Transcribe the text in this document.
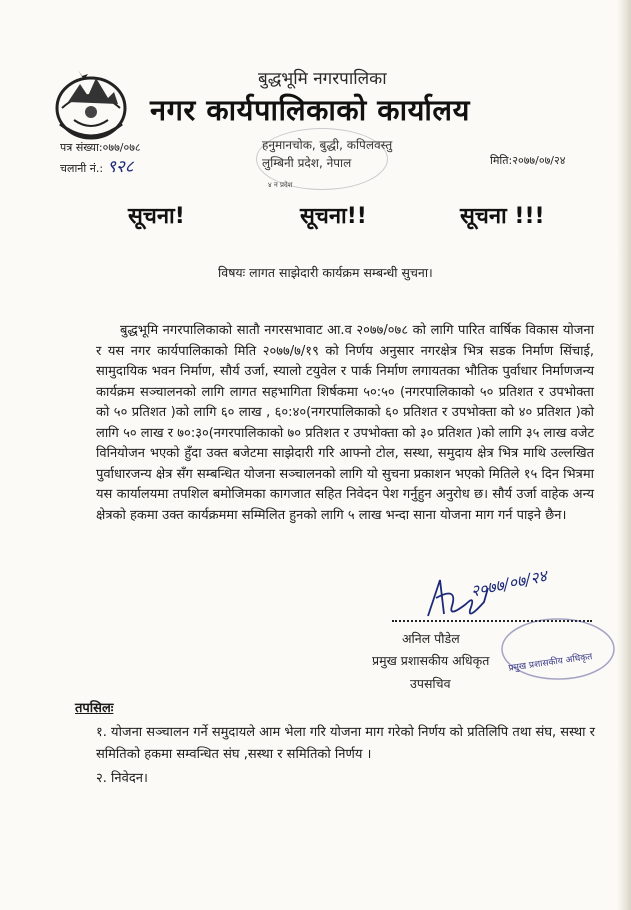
बुद्धभूमि नगरपालिका
नगर कार्यपालिकाको कार्यालय
हनुमानचोक, बुद्धी, कपिलवस्तु
लुम्बिनी प्रदेश, नेपाल
४ न प्रदेश
पत्र संख्या:०७७/०७८
चलानी नं.: ९२८	मिति:२०७७/०७/२४
सूचना!	सूचना!!	सूचना !!!
विषयः लागत साझेदारी कार्यक्रम सम्बन्धी सुचना।
बुद्धभूमि नगरपालिकाको सातौ नगरसभावाट आ.व २०७७/०७८ को लागि पारित वार्षिक विकास योजना र यस नगर कार्यपालिकाको मिति २०७७/७/१९ को निर्णय अनुसार नगरक्षेत्र भित्र सडक निर्माण सिंचाई, सामुदायिक भवन निर्माण, सौर्य उर्जा, स्यालो टयुवेल र पार्क निर्माण लगायतका भौतिक पुर्वाधार निर्माणजन्य कार्यक्रम सञ्चालनको लागि लागत सहभागिता शिर्षकमा ५०:५० (नगरपालिकाको ५० प्रतिशत र उपभोक्ता को ५० प्रतिशत )को लागि ६० लाख , ६०:४०(नगरपालिकाको ६० प्रतिशत र उपभोक्ता को ४० प्रतिशत )को लागि ५० लाख र ७०:३०(नगरपालिकाको ७० प्रतिशत र उपभोक्ता को ३० प्रतिशत )को लागि ३५ लाख वजेट विनियोजन भएको हुँदा उक्त बजेटमा साझेदारी गरि आफ्नो टोल, सस्था, समुदाय क्षेत्र भित्र माथि उल्लखित पुर्वाधारजन्य क्षेत्र सँग सम्बन्धित योजना सञ्चालनको लागि यो सुचना प्रकाशन भएको मितिले १५ दिन भित्रमा यस कार्यालयमा तपशिल बमोजिमका कागजात सहित निवेदन पेश गर्नुहुन अनुरोध छ। सौर्य उर्जा वाहेक अन्य क्षेत्रको हकमा उक्त कार्यक्रममा सम्मिलित हुनको लागि ५ लाख भन्दा साना योजना माग गर्न पाइने छैन।
२०७७/०७/२४
अनिल पौडेल
प्रमुख प्रशासकीय अधिकृत
उपसचिव
प्रमुख प्रशासकीय अधिकृत
तपसिलः
१. योजना सञ्चालन गर्ने समुदायले आम भेला गरि योजना माग गरेको निर्णय को प्रतिलिपि तथा संघ, सस्था र समितिको हकमा सम्वन्धित संघ ,सस्था र समितिको निर्णय ।
२. निवेदन।
